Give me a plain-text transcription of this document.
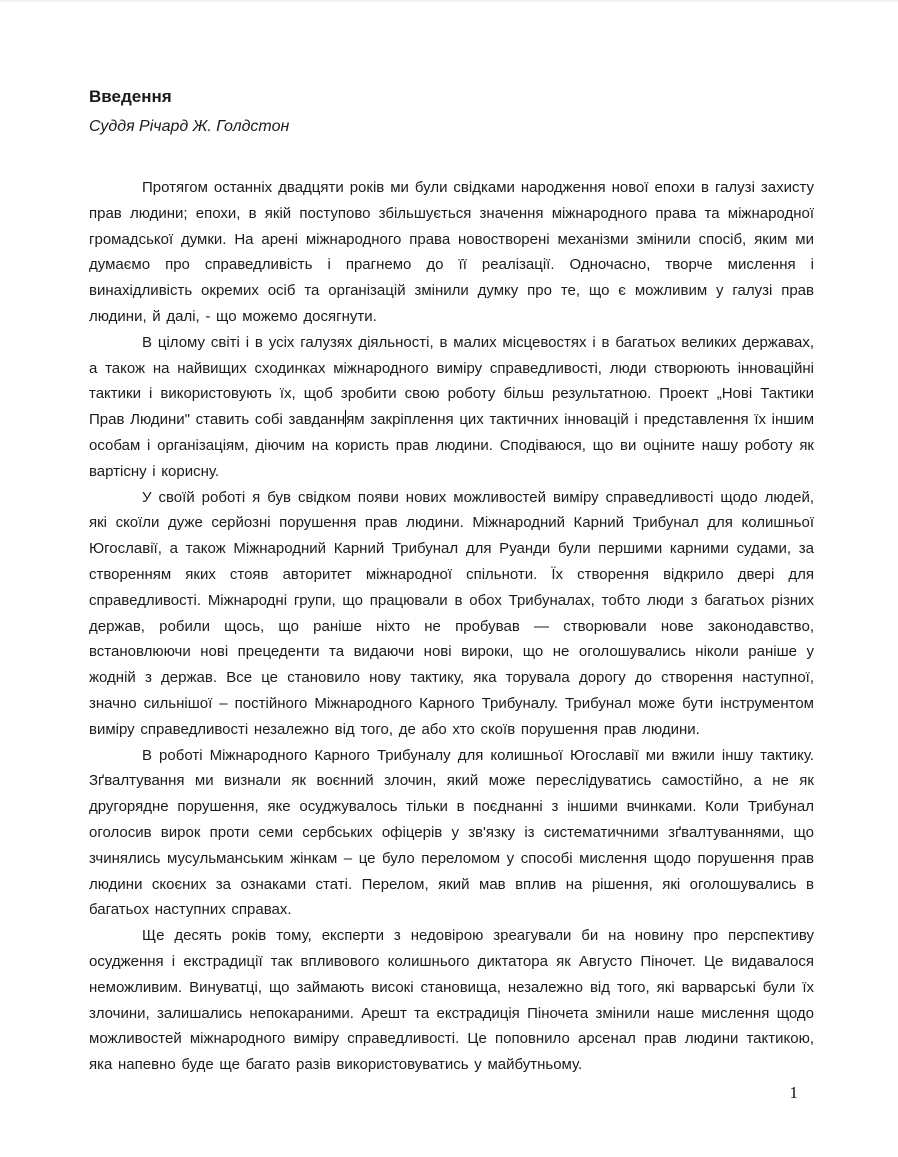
Введення
Суддя Річард Ж. Голдстон

Протягом останніх двадцяти років ми були свідками народження нової епохи в галузі захисту прав людини; епохи, в якій поступово збільшується значення міжнародного права та міжнародної громадської думки. На арені міжнародного права новостворені механізми змінили спосіб, яким ми думаємо про справедливість і прагнемо до її реалізації. Одночасно, творче мислення і винахідливість окремих осіб та організацій змінили думку про те, що є можливим у галузі прав людини, й далі, - що можемо досягнути.

В цілому світі і в усіх галузях діяльності, в малих місцевостях і в багатьох великих державах, а також на найвищих сходинках міжнародного виміру справедливості, люди створюють інноваційні тактики і використовують їх, щоб зробити свою роботу більш результатною. Проект „Нові Тактики Прав Людини" ставить собі завданням закріплення цих тактичних інновацій і представлення їх іншим особам і організаціям, діючим на користь прав людини. Сподіваюся, що ви оціните нашу роботу як вартісну і корисну.

У своїй роботі я був свідком появи нових можливостей виміру справедливості щодо людей, які скоїли дуже серйозні порушення прав людини. Міжнародний Карний Трибунал для колишньої Югославії, а також Міжнародний Карний Трибунал для Руанди були першими карними судами, за створенням яких стояв авторитет міжнародної спільноти. Їх створення відкрило двері для справедливості. Міжнародні групи, що працювали в обох Трибуналах, тобто люди з багатьох різних держав, робили щось, що раніше ніхто не пробував — створювали нове законодавство, встановлюючи нові прецеденти та видаючи нові вироки, що не оголошувались ніколи раніше у жодній з держав. Все це становило нову тактику, яка торувала дорогу до створення наступної, значно сильнішої – постійного Міжнародного Карного Трибуналу. Трибунал може бути інструментом виміру справедливості незалежно від того, де або хто скоїв порушення прав людини.

В роботі Міжнародного Карного Трибуналу для колишньої Югославії ми вжили іншу тактику. Зґвалтування ми визнали як воєнний злочин, який може переслідуватись самостійно, а не як другорядне порушення, яке осуджувалось тільки в поєднанні з іншими вчинками. Коли Трибунал оголосив вирок проти семи сербських офіцерів у зв'язку із систематичними зґвалтуваннями, що зчинялись мусульманським жінкам – це було переломом у способі мислення щодо порушення прав людини скоєних за ознаками статі. Перелом, який мав вплив на рішення, які оголошувались в багатьох наступних справах.

Ще десять років тому, експерти з недовірою зреагували би на новину про перспективу осудження і екстрадиції так впливового колишнього диктатора як Августо Піночет. Це видавалося неможливим. Винуватці, що займають високі становища, незалежно від того, які варварські були їх злочини, залишались непокараними. Арешт та екстрадиція Піночета змінили наше мислення щодо можливостей міжнародного виміру справедливості. Це поповнило арсенал прав людини тактикою, яка напевно буде ще багато разів використовуватись у майбутньому.

1
